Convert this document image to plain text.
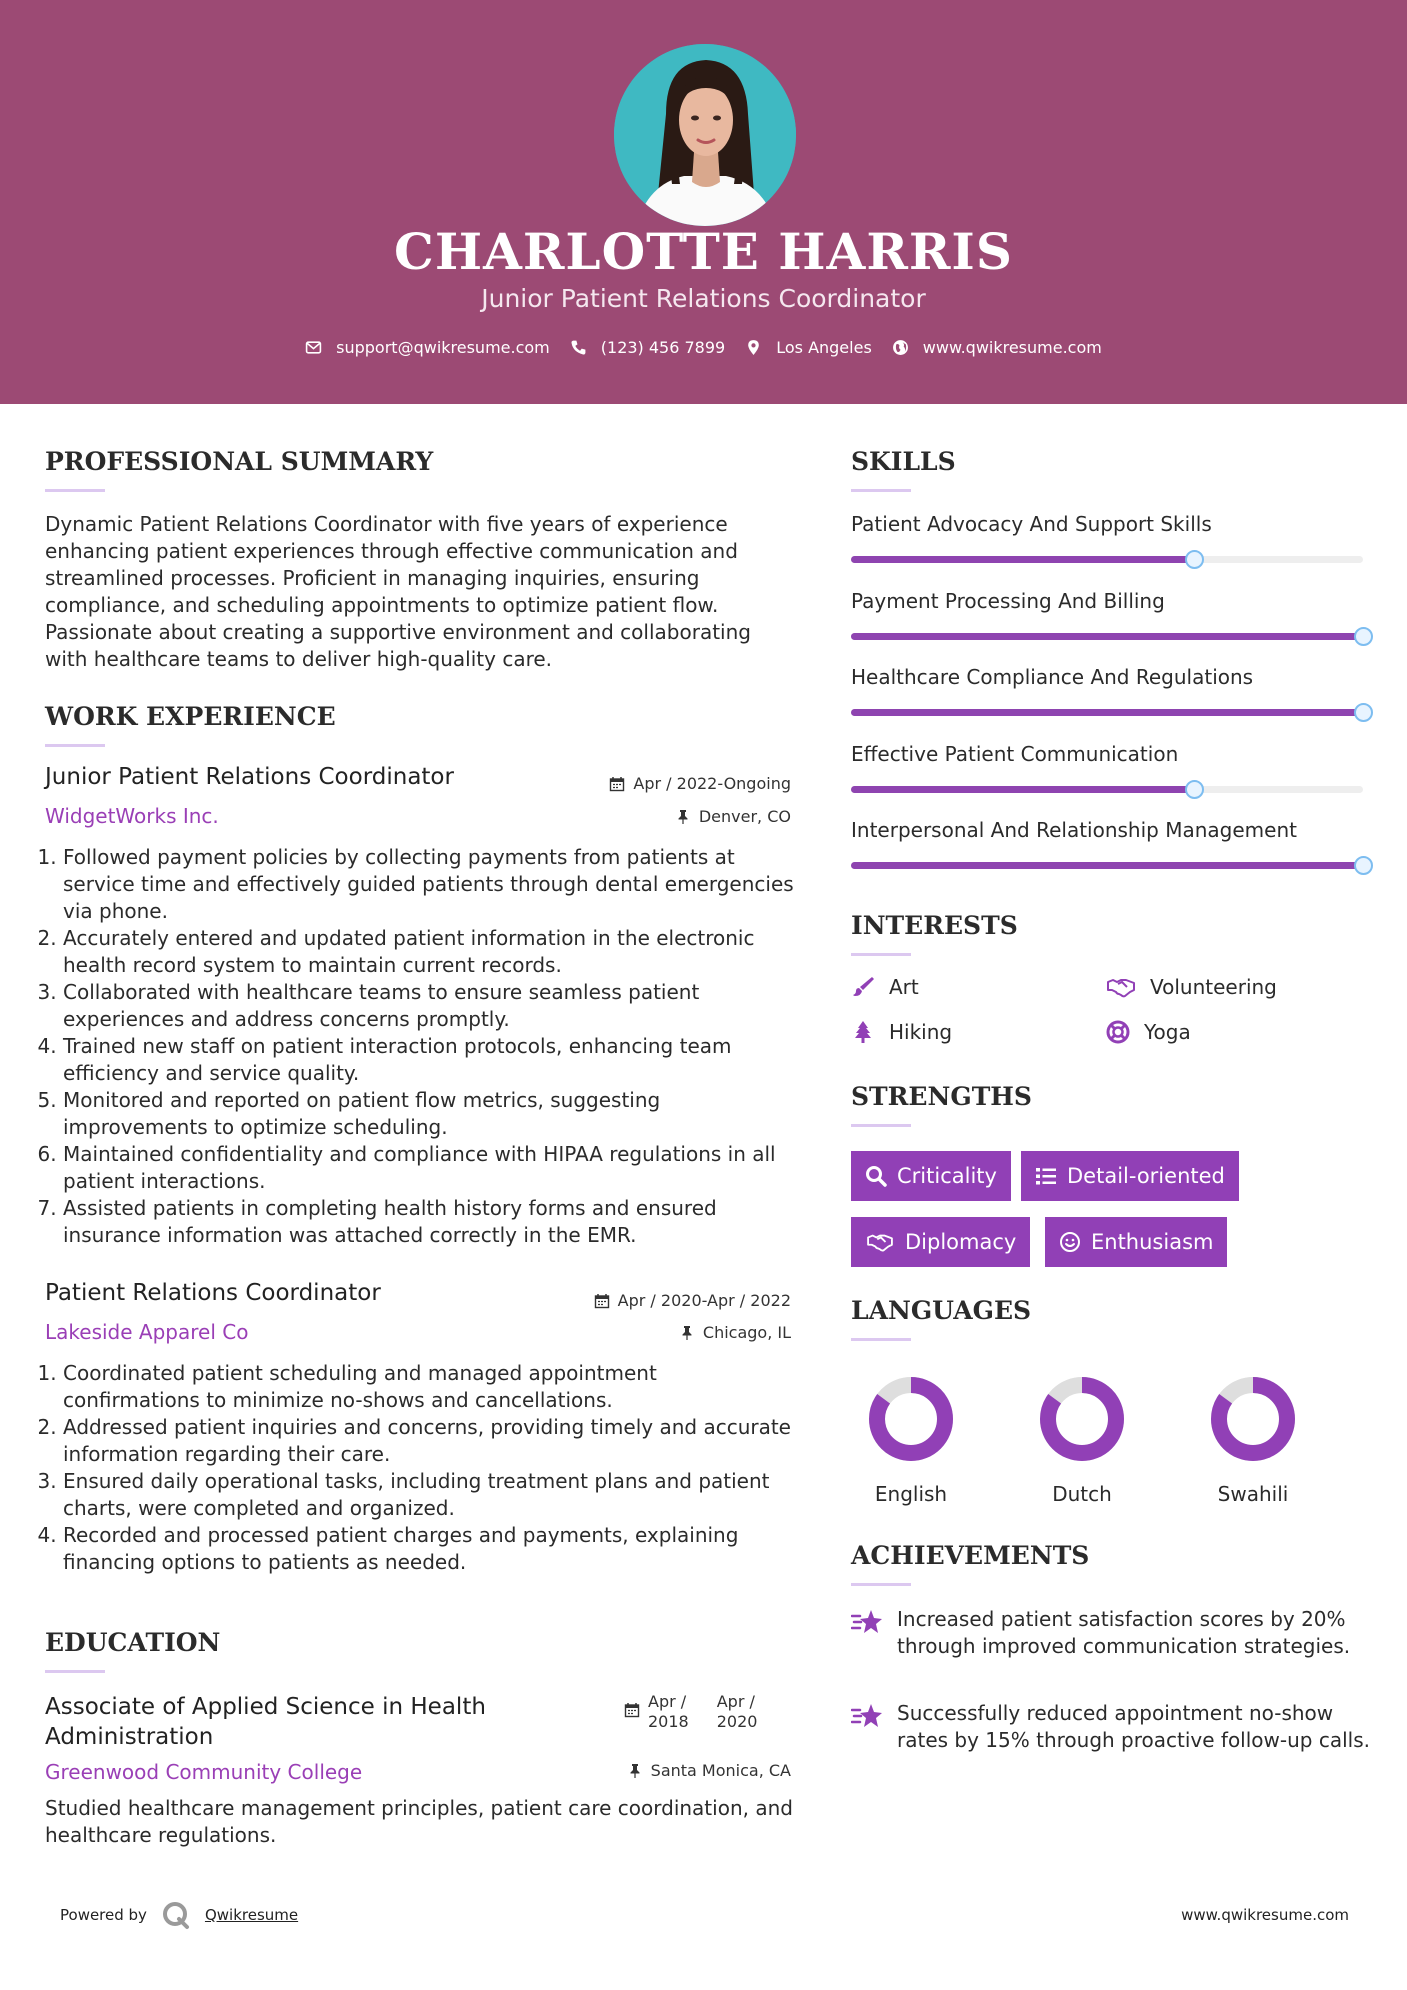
CHARLOTTE HARRIS
Junior Patient Relations Coordinator
support@qwikresume.com	(123) 456 7899	Los Angeles	www.qwikresume.com
PROFESSIONAL SUMMARY
Dynamic Patient Relations Coordinator with five years of experience enhancing patient experiences through effective communication and streamlined processes. Proficient in managing inquiries, ensuring compliance, and scheduling appointments to optimize patient flow. Passionate about creating a supportive environment and collaborating with healthcare teams to deliver high-quality care.
WORK EXPERIENCE
Junior Patient Relations Coordinator	Apr / 2022-Ongoing
WidgetWorks Inc.	Denver, CO
1. Followed payment policies by collecting payments from patients at service time and effectively guided patients through dental emergencies via phone.
2. Accurately entered and updated patient information in the electronic health record system to maintain current records.
3. Collaborated with healthcare teams to ensure seamless patient experiences and address concerns promptly.
4. Trained new staff on patient interaction protocols, enhancing team efficiency and service quality.
5. Monitored and reported on patient flow metrics, suggesting improvements to optimize scheduling.
6. Maintained confidentiality and compliance with HIPAA regulations in all patient interactions.
7. Assisted patients in completing health history forms and ensured insurance information was attached correctly in the EMR.
Patient Relations Coordinator	Apr / 2020-Apr / 2022
Lakeside Apparel Co	Chicago, IL
1. Coordinated patient scheduling and managed appointment confirmations to minimize no-shows and cancellations.
2. Addressed patient inquiries and concerns, providing timely and accurate information regarding their care.
3. Ensured daily operational tasks, including treatment plans and patient charts, were completed and organized.
4. Recorded and processed patient charges and payments, explaining financing options to patients as needed.
EDUCATION
Associate of Applied Science in Health
Administration
Apr /
2018
Apr /
2020
Greenwood Community College	Santa Monica, CA
Studied healthcare management principles, patient care coordination, and healthcare regulations.
SKILLS
Patient Advocacy And Support Skills
Payment Processing And Billing
Healthcare Compliance And Regulations
Effective Patient Communication
Interpersonal And Relationship Management
INTERESTS
Art	Volunteering
Hiking	Yoga
STRENGTHS
Criticality	Detail-oriented
Diplomacy	Enthusiasm
LANGUAGES
English	Dutch	Swahili
ACHIEVEMENTS
Increased patient satisfaction scores by 20% through improved communication strategies.
Successfully reduced appointment no-show rates by 15% through proactive follow-up calls.
Powered by	Qwikresume	www.qwikresume.com
